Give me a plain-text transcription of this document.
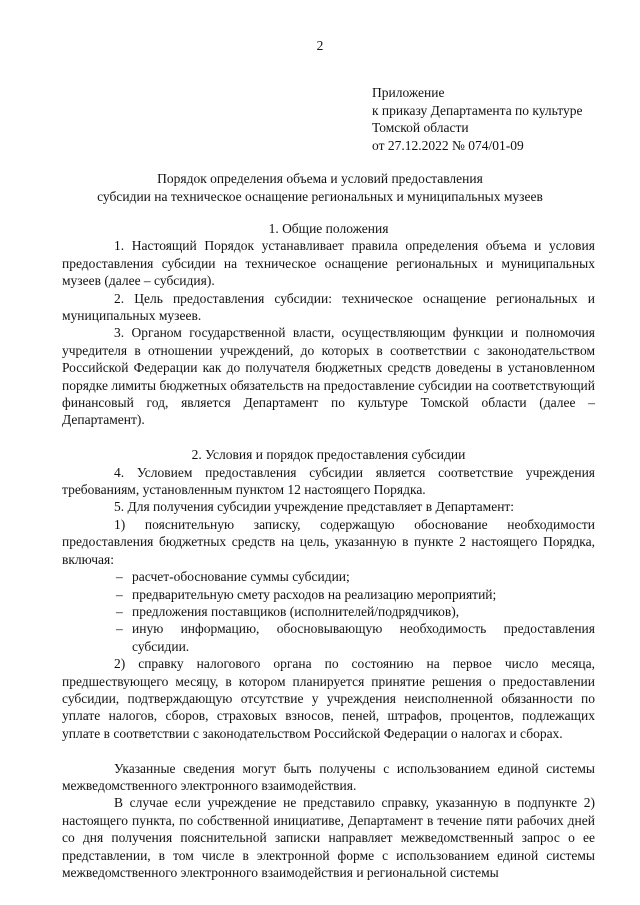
2
Приложение
к приказу Департамента по культуре
Томской области
от 27.12.2022 № 074/01-09
Порядок определения объема и условий предоставления
субсидии на техническое оснащение региональных и муниципальных музеев

1. Общие положения

1. Настоящий Порядок устанавливает правила определения объема и условия предоставления субсидии на техническое оснащение региональных и муниципальных музеев (далее – субсидия).

2. Цель предоставления субсидии: техническое оснащение региональных и муниципальных музеев.

3. Органом государственной власти, осуществляющим функции и полномочия учредителя в отношении учреждений, до которых в соответствии с законодательством Российской Федерации как до получателя бюджетных средств доведены в установленном порядке лимиты бюджетных обязательств на предоставление субсидии на соответствующий финансовый год, является Департамент по культуре Томской области (далее – Департамент).

2. Условия и порядок предоставления субсидии

4. Условием предоставления субсидии является соответствие учреждения требованиям, установленным пунктом 12 настоящего Порядка.

5. Для получения субсидии учреждение представляет в Департамент:

1) пояснительную записку, содержащую обоснование необходимости предоставления бюджетных средств на цель, указанную в пункте 2 настоящего Порядка, включая:

– расчет-обоснование суммы субсидии;
– предварительную смету расходов на реализацию мероприятий;
– предложения поставщиков (исполнителей/подрядчиков),
– иную информацию, обосновывающую необходимость предоставления субсидии.

2) справку налогового органа по состоянию на первое число месяца, предшествующего месяцу, в котором планируется принятие решения о предоставлении субсидии, подтверждающую отсутствие у учреждения неисполненной обязанности по уплате налогов, сборов, страховых взносов, пеней, штрафов, процентов, подлежащих уплате в соответствии с законодательством Российской Федерации о налогах и сборах.

Указанные сведения могут быть получены с использованием единой системы межведомственного электронного взаимодействия.

В случае если учреждение не представило справку, указанную в подпункте 2) настоящего пункта, по собственной инициативе, Департамент в течение пяти рабочих дней со дня получения пояснительной записки направляет межведомственный запрос о ее представлении, в том числе в электронной форме с использованием единой системы межведомственного электронного взаимодействия и региональной системы
